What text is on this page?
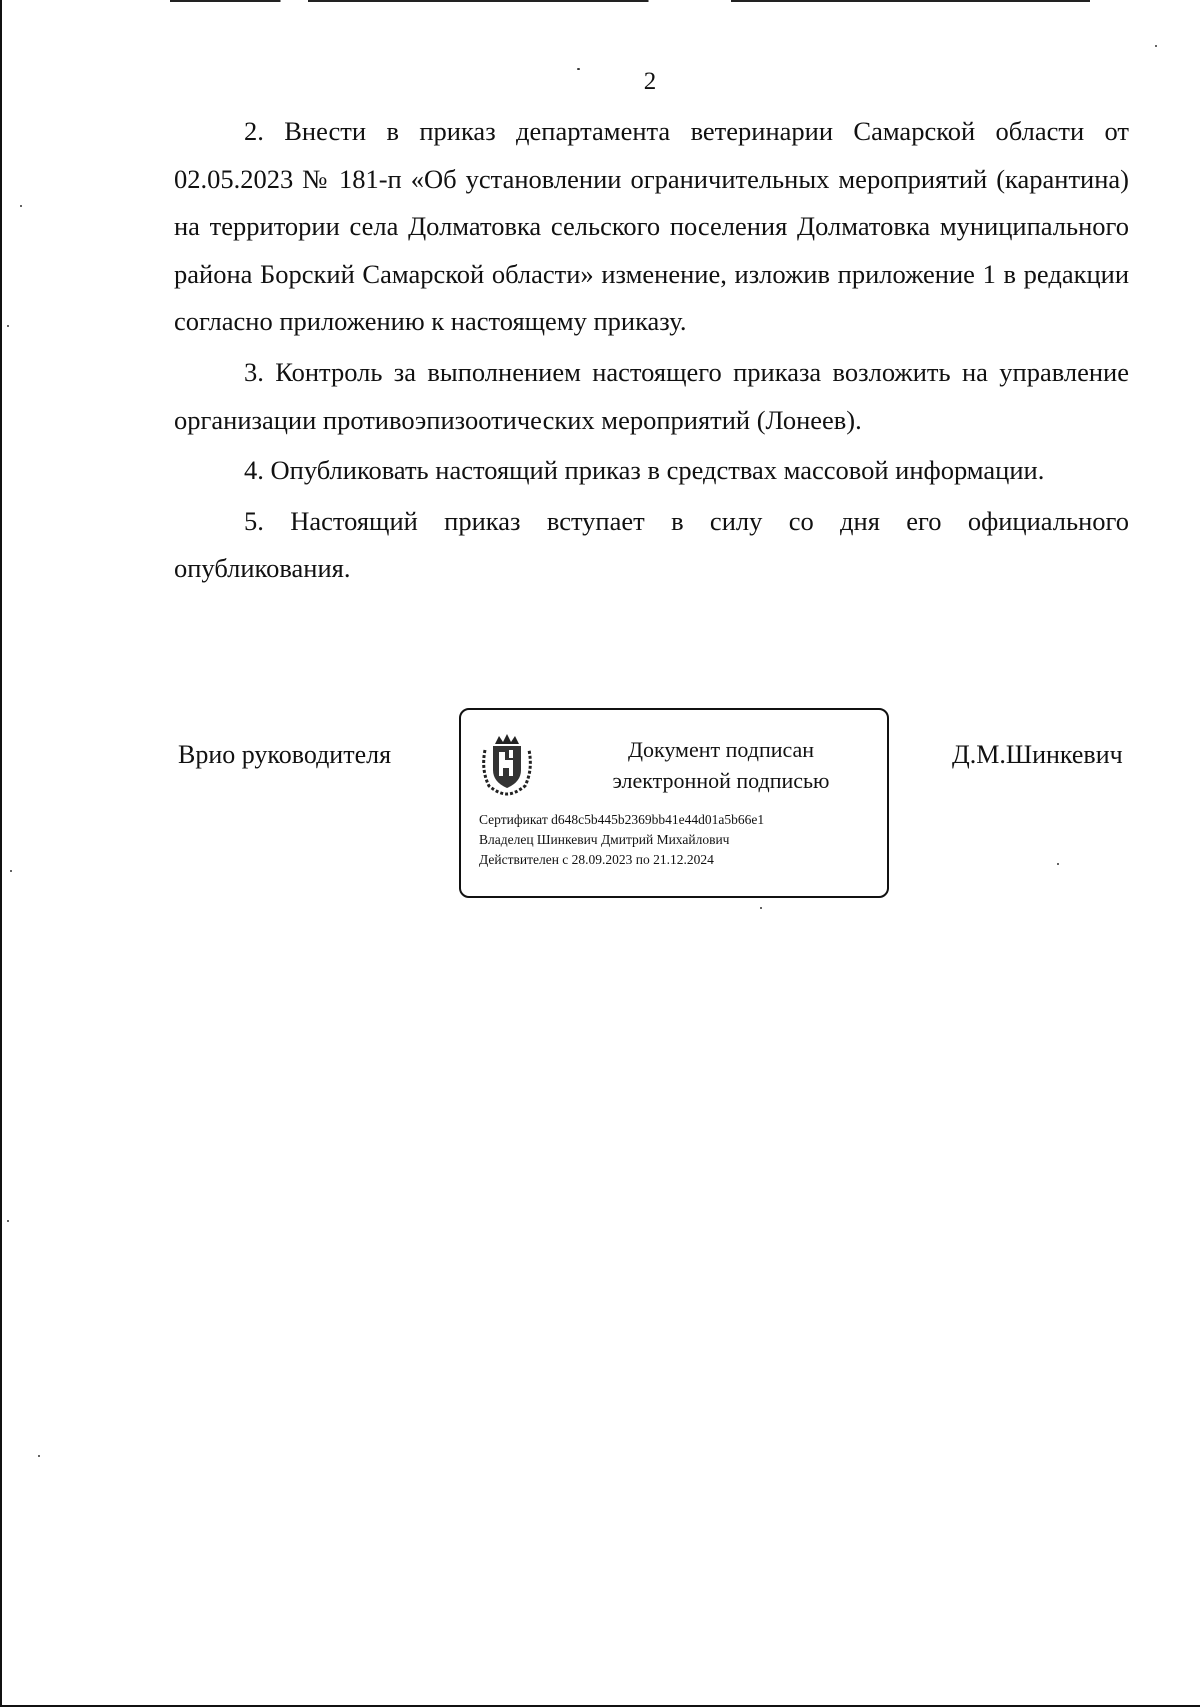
2

2. Внести в приказ департамента ветеринарии Самарской области от 02.05.2023 № 181-п «Об установлении ограничительных мероприятий (карантина) на территории села Долматовка сельского поселения Долматовка муниципального района Борский Самарской области» изменение, изложив приложение 1 в редакции согласно приложению к настоящему приказу.

3. Контроль за выполнением настоящего приказа возложить на управление организации противоэпизоотических мероприятий (Лонеев).

4. Опубликовать настоящий приказ в средствах массовой информации.

5. Настоящий приказ вступает в силу со дня его официального опубликования.

Врио руководителя	Документ подписан
электронной подписью
Сертификат d648c5b445b2369bb41e44d01a5b66e1
Владелец Шинкевич Дмитрий Михайлович
Действителен с 28.09.2023 по 21.12.2024
Д.М.Шинкевич
